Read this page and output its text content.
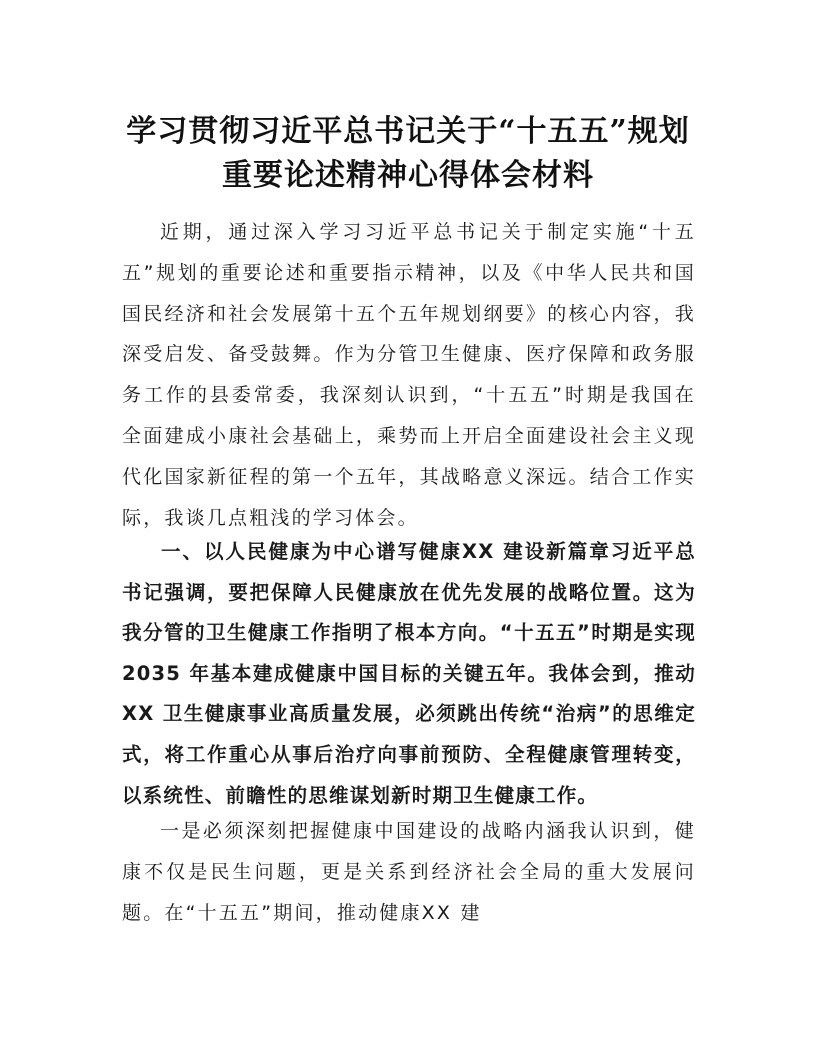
学习贯彻习近平总书记关于“十五五”规划
重要论述精神心得体会材料

近期，通过深入学习习近平总书记关于制定实施“十五五”规划的重要论述和重要指示精神，以及《中华人民共和国国民经济和社会发展第十五个五年规划纲要》的核心内容，我深受启发、备受鼓舞。作为分管卫生健康、医疗保障和政务服务工作的县委常委，我深刻认识到，“十五五”时期是我国在全面建成小康社会基础上，乘势而上开启全面建设社会主义现代化国家新征程的第一个五年，其战略意义深远。结合工作实际，我谈几点粗浅的学习体会。

一、以人民健康为中心谱写健康XX 建设新篇章习近平总书记强调，要把保障人民健康放在优先发展的战略位置。这为我分管的卫生健康工作指明了根本方向。“十五五”时期是实现2035 年基本建成健康中国目标的关键五年。我体会到，推动XX 卫生健康事业高质量发展，必须跳出传统“治病”的思维定式，将工作重心从事后治疗向事前预防、全程健康管理转变，以系统性、前瞻性的思维谋划新时期卫生健康工作。

一是必须深刻把握健康中国建设的战略内涵我认识到，健康不仅是民生问题，更是关系到经济社会全局的重大发展问题。在“十五五”期间，推动健康XX 建
